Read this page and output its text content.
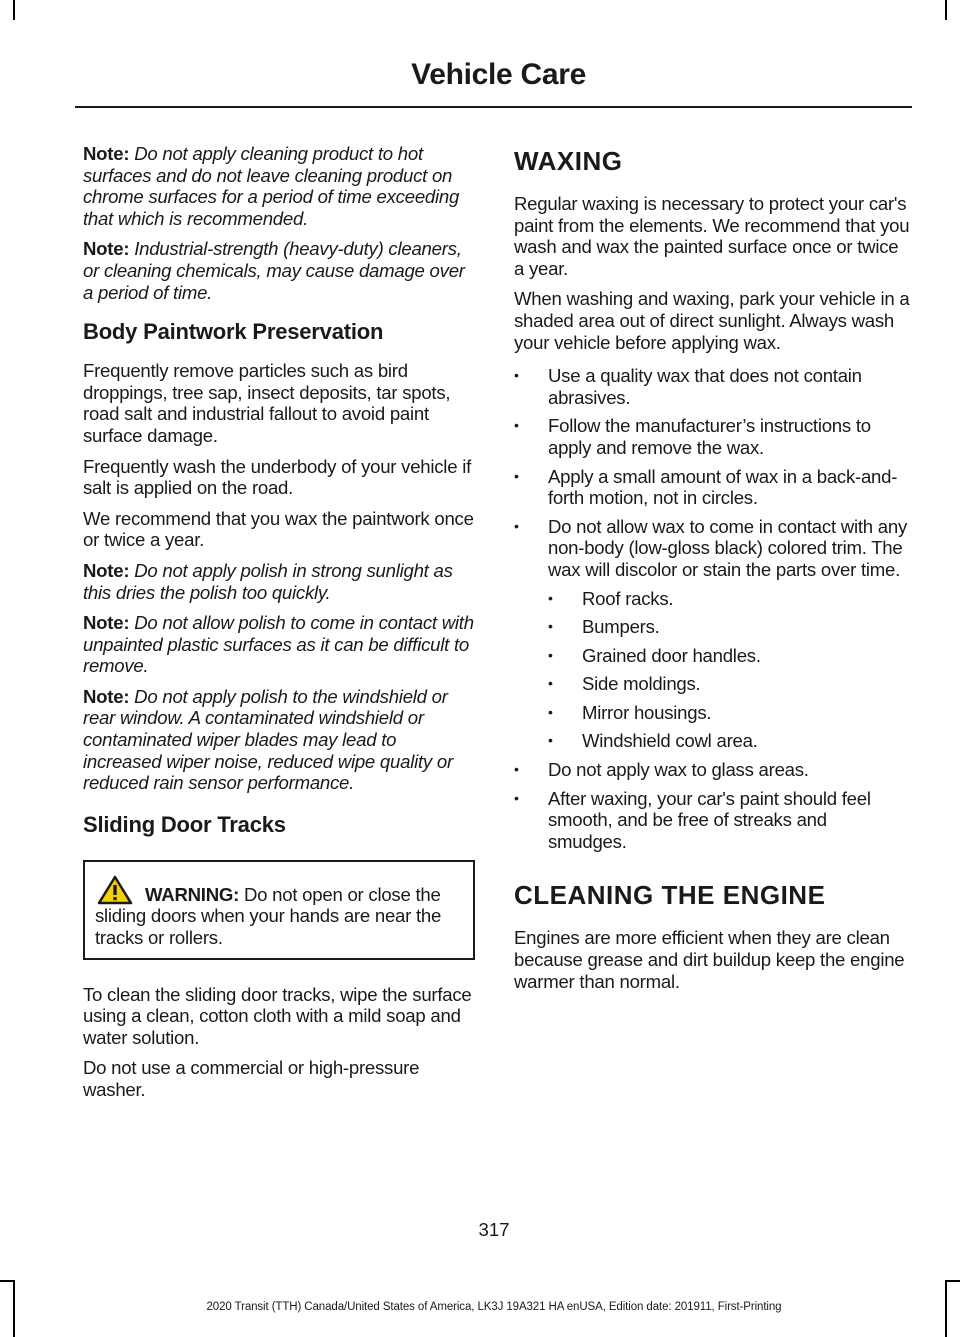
Vehicle Care

Note: Do not apply cleaning product to hot surfaces and do not leave cleaning product on chrome surfaces for a period of time exceeding that which is recommended.

Note: Industrial-strength (heavy-duty) cleaners, or cleaning chemicals, may cause damage over a period of time.

Body Paintwork Preservation

Frequently remove particles such as bird droppings, tree sap, insect deposits, tar spots, road salt and industrial fallout to avoid paint surface damage.

Frequently wash the underbody of your vehicle if salt is applied on the road.

We recommend that you wax the paintwork once or twice a year.

Note: Do not apply polish in strong sunlight as this dries the polish too quickly.

Note: Do not allow polish to come in contact with unpainted plastic surfaces as it can be difficult to remove.

Note: Do not apply polish to the windshield or rear window. A contaminated windshield or contaminated wiper blades may lead to increased wiper noise, reduced wipe quality or reduced rain sensor performance.

Sliding Door Tracks

WARNING: Do not open or close the sliding doors when your hands are near the tracks or rollers.

To clean the sliding door tracks, wipe the surface using a clean, cotton cloth with a mild soap and water solution.

Do not use a commercial or high-pressure washer.

WAXING

Regular waxing is necessary to protect your car's paint from the elements. We recommend that you wash and wax the painted surface once or twice a year.

When washing and waxing, park your vehicle in a shaded area out of direct sunlight. Always wash your vehicle before applying wax.

• Use a quality wax that does not contain abrasives.
• Follow the manufacturer’s instructions to apply and remove the wax.
• Apply a small amount of wax in a back-and-forth motion, not in circles.
• Do not allow wax to come in contact with any non-body (low-gloss black) colored trim. The wax will discolor or stain the parts over time.
• Roof racks.
• Bumpers.
• Grained door handles.
• Side moldings.
• Mirror housings.
• Windshield cowl area.
• Do not apply wax to glass areas.
• After waxing, your car's paint should feel smooth, and be free of streaks and smudges.
CLEANING THE ENGINE

Engines are more efficient when they are clean because grease and dirt buildup keep the engine warmer than normal.

317
2020 Transit (TTH) Canada/United States of America, LK3J 19A321 HA enUSA, Edition date: 201911, First-Printing
